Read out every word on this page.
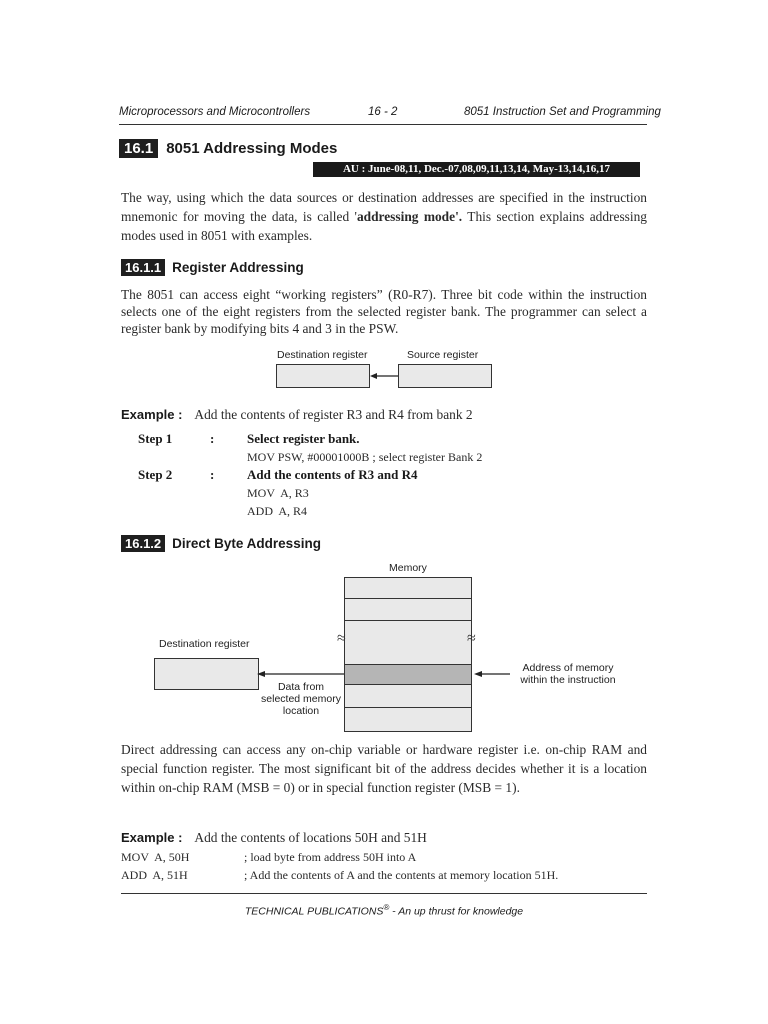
Microprocessors and Microcontrollers	16 - 2	8051 Instruction Set and Programming
16.1 8051 Addressing Modes
AU : June-08,11, Dec.-07,08,09,11,13,14, May-13,14,16,17

The way, using which the data sources or destination addresses are specified in the instruction mnemonic for moving the data, is called 'addressing mode'. This section explains addressing modes used in 8051 with examples.

16.1.1 Register Addressing

The 8051 can access eight “working registers” (R0-R7). Three bit code within the instruction selects one of the eight registers from the selected register bank. The programmer can select a register bank by modifying bits 4 and 3 in the PSW.

Destination register	Source register
Example : Add the contents of register R3 and R4 from bank 2
Step 1	:	Select register bank.
MOV PSW, #00001000B ; select register Bank 2
Step 2	:	Add the contents of R3 and R4
MOV  A, R3
ADD  A, R4
16.1.2 Direct Byte Addressing
Memory
≈	≈
Destination register
Data from selected memory location
Address of memory within the instruction

Direct addressing can access any on-chip variable or hardware register i.e. on-chip RAM and special function register. The most significant bit of the address decides whether it is a location within on-chip RAM (MSB = 0) or in special function register (MSB = 1).

Example : Add the contents of locations 50H and 51H
MOV  A, 50H	; load byte from address 50H into A
ADD  A, 51H	; Add the contents of A and the contents at memory location 51H.
TECHNICAL PUBLICATIONS® - An up thrust for knowledge
